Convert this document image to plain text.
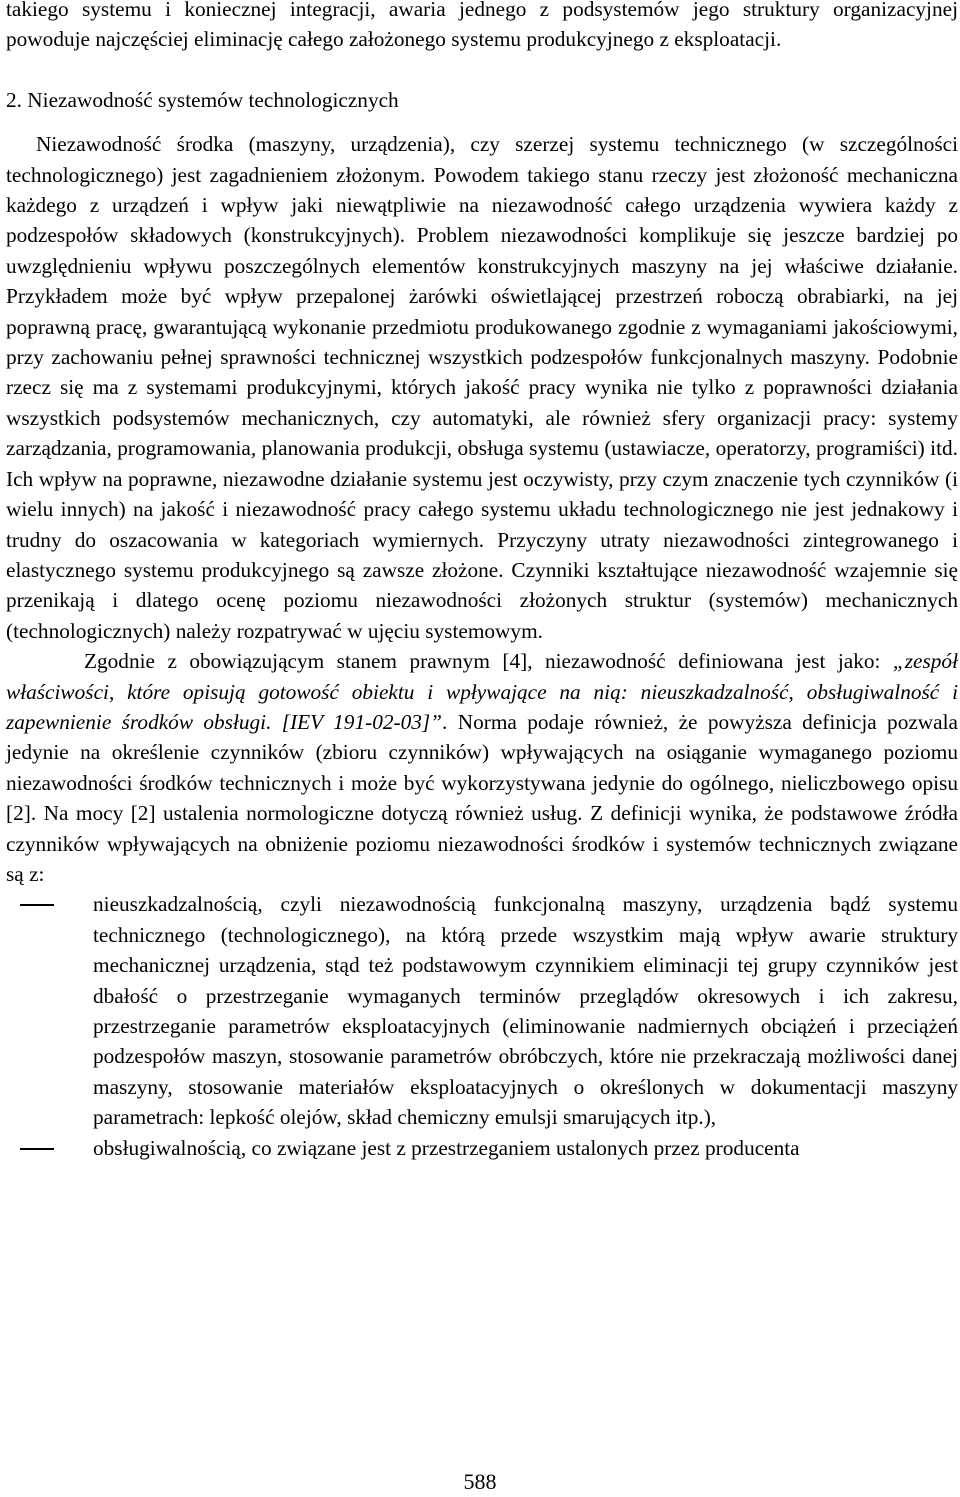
takiego systemu i koniecznej integracji, awaria jednego z podsystemów jego struktury organizacyjnej powoduje najczęściej eliminację całego założonego systemu produkcyjnego z eksploatacji.

2. Niezawodność systemów technologicznych

Niezawodność środka (maszyny, urządzenia), czy szerzej systemu technicznego (w szczególności technologicznego) jest zagadnieniem złożonym. Powodem takiego stanu rzeczy jest złożoność mechaniczna każdego z urządzeń i wpływ jaki niewątpliwie na niezawodność całego urządzenia wywiera każdy z podzespołów składowych (konstrukcyjnych). Problem niezawodności komplikuje się jeszcze bardziej po uwzględnieniu wpływu poszczególnych elementów konstrukcyjnych maszyny na jej właściwe działanie. Przykładem może być wpływ przepalonej żarówki oświetlającej przestrzeń roboczą obrabiarki, na jej poprawną pracę, gwarantującą wykonanie przedmiotu produkowanego zgodnie z wymaganiami jakościowymi, przy zachowaniu pełnej sprawności technicznej wszystkich podzespołów funkcjonalnych maszyny. Podobnie rzecz się ma z systemami produkcyjnymi, których jakość pracy wynika nie tylko z poprawności działania wszystkich podsystemów mechanicznych, czy automatyki, ale również sfery organizacji pracy: systemy zarządzania, programowania, planowania produkcji, obsługa systemu (ustawiacze, operatorzy, programiści) itd. Ich wpływ na poprawne, niezawodne działanie systemu jest oczywisty, przy czym znaczenie tych czynników (i wielu innych) na jakość i niezawodność pracy całego systemu układu technologicznego nie jest jednakowy i trudny do oszacowania w kategoriach wymiernych. Przyczyny utraty niezawodności zintegrowanego i elastycznego systemu produkcyjnego są zawsze złożone. Czynniki kształtujące niezawodność wzajemnie się przenikają i dlatego ocenę poziomu niezawodności złożonych struktur (systemów) mechanicznych (technologicznych) należy rozpatrywać w ujęciu systemowym.

Zgodnie z obowiązującym stanem prawnym [4], niezawodność definiowana jest jako: „zespół właściwości, które opisują gotowość obiektu i wpływające na nią: nieuszkadzalność, obsługiwalność i zapewnienie środków obsługi. [IEV 191-02-03]”. Norma podaje również, że powyższa definicja pozwala jedynie na określenie czynników (zbioru czynników) wpływających na osiąganie wymaganego poziomu niezawodności środków technicznych i może być wykorzystywana jedynie do ogólnego, nieliczbowego opisu [2]. Na mocy [2] ustalenia normologiczne dotyczą również usług. Z definicji wynika, że podstawowe źródła czynników wpływających na obniżenie poziomu niezawodności środków i systemów technicznych związane są z:

nieuszkadzalnością, czyli niezawodnością funkcjonalną maszyny, urządzenia bądź systemu technicznego (technologicznego), na którą przede wszystkim mają wpływ awarie struktury mechanicznej urządzenia, stąd też podstawowym czynnikiem eliminacji tej grupy czynników jest dbałość o przestrzeganie wymaganych terminów przeglądów okresowych i ich zakresu, przestrzeganie parametrów eksploatacyjnych (eliminowanie nadmiernych obciążeń i przeciążeń podzespołów maszyn, stosowanie parametrów obróbczych, które nie przekraczają możliwości danej maszyny, stosowanie materiałów eksploatacyjnych o określonych w dokumentacji maszyny parametrach: lepkość olejów, skład chemiczny emulsji smarujących itp.),
obsługiwalnością, co związane jest z przestrzeganiem ustalonych przez producenta
588
